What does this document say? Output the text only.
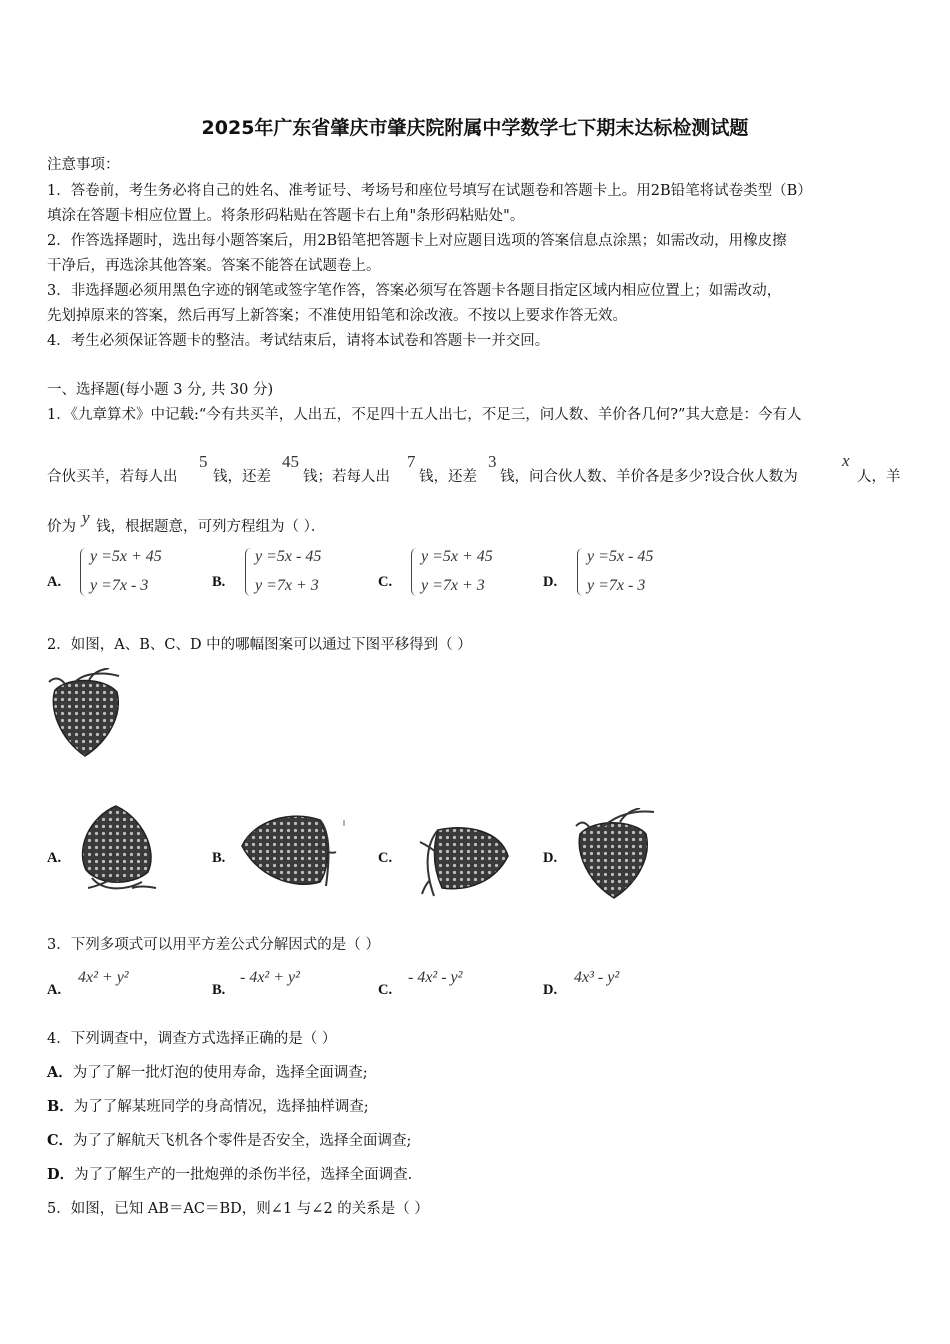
2025年广东省肇庆市肇庆院附属中学数学七下期末达标检测试题
注意事项：
1．答卷前，考生务必将自己的姓名、准考证号、考场号和座位号填写在试题卷和答题卡上。用2B铅笔将试卷类型（B）
填涂在答题卡相应位置上。将条形码粘贴在答题卡右上角"条形码粘贴处"。
2．作答选择题时，选出每小题答案后，用2B铅笔把答题卡上对应题目选项的答案信息点涂黑；如需改动，用橡皮擦
干净后，再选涂其他答案。答案不能答在试题卷上。
3．非选择题必须用黑色字迹的钢笔或签字笔作答，答案必须写在答题卡各题目指定区域内相应位置上；如需改动，
先划掉原来的答案，然后再写上新答案；不准使用铅笔和涂改液。不按以上要求作答无效。
4．考生必须保证答题卡的整洁。考试结束后，请将本试卷和答题卡一并交回。
一、选择题(每小题 3 分, 共 30 分)
1．《九章算术》中记载:“今有共买羊，人出五，不足四十五人出七，不足三，问人数、羊价各几何?”其大意是：今有人
合伙买羊，若每人出
5
钱，还差
45
钱；若每人出
7
钱，还差
3
钱，问合伙人数、羊价各是多少?设合伙人数为
x
人，羊
价为 y 钱，根据题意，可列方程组为（ ）．
A.
y =5x + 45
y =7x - 3	B.
y =5x - 45
y =7x + 3	C.
y =5x + 45
y =7x + 3	D.
y =5x - 45
y =7x - 3
2．如图，A、B、C、D 中的哪幅图案可以通过下图平移得到（ ）
A.	B.	C.	D.
3．下列多项式可以用平方差公式分解因式的是（ ）
A.
4x² + y²
B.
- 4x² + y²
C.
- 4x² - y²
D.
4x³ - y²
4．下列调查中，调查方式选择正确的是（ ）
A．为了了解一批灯泡的使用寿命，选择全面调查;
B．为了了解某班同学的身高情况，选择抽样调查;
C．为了了解航天飞机各个零件是否安全，选择全面调查;
D．为了了解生产的一批炮弹的杀伤半径，选择全面调查.
5．如图，已知 AB＝AC＝BD，则∠1 与∠2 的关系是（ ）
